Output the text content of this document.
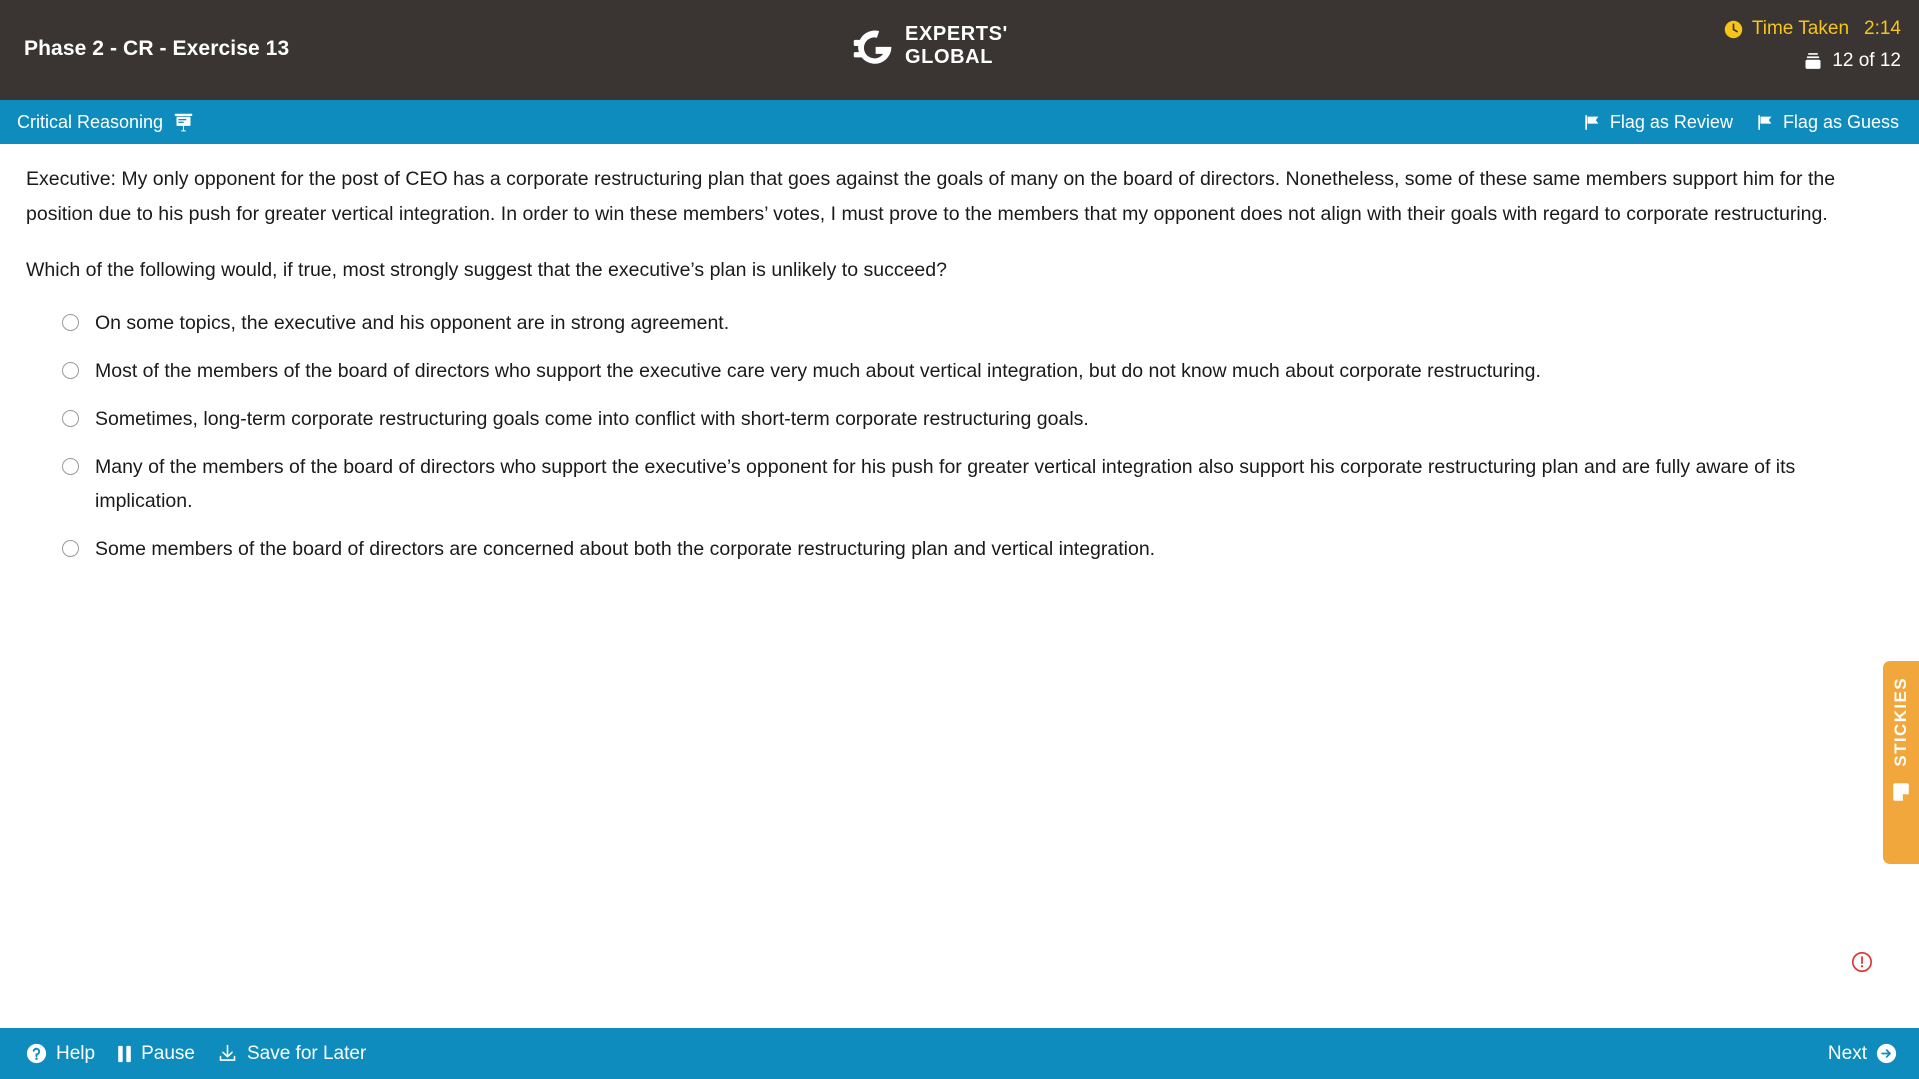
Phase 2 - CR - Exercise 13
EXPERTS'
GLOBAL
Time Taken 2:14
12 of 12
Critical Reasoning	Flag as Review	Flag as Guess

Executive: My only opponent for the post of CEO has a corporate restructuring plan that goes against the goals of many on the board of directors. Nonetheless, some of these same members support him for the position due to his push for greater vertical integration. In order to win these members’ votes, I must prove to the members that my opponent does not align with their goals with regard to corporate restructuring.

Which of the following would, if true, most strongly suggest that the executive’s plan is unlikely to succeed?

On some topics, the executive and his opponent are in strong agreement.
Most of the members of the board of directors who support the executive care very much about vertical integration, but do not know much about corporate restructuring.
Sometimes, long-term corporate restructuring goals come into conflict with short-term corporate restructuring goals.
Many of the members of the board of directors who support the executive’s opponent for his push for greater vertical integration also support his corporate restructuring plan and are fully aware of its implication.
Some members of the board of directors are concerned about both the corporate restructuring plan and vertical integration.
STICKIES
Help Pause	Save for Later	Next
